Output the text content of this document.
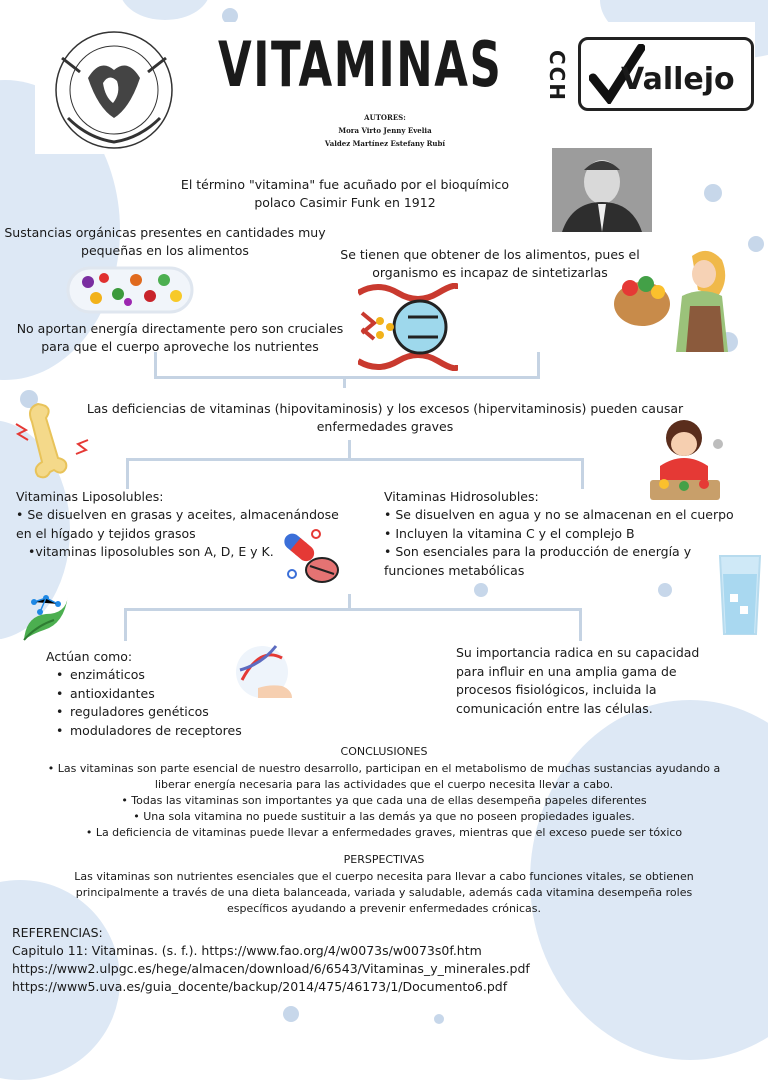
VITAMINAS
AUTORES:
Mora Virto Jenny Evelia
Valdez Martínez Estefany Rubí
CCH Vallejo
El término "vitamina" fue acuñado por el bioquímico polaco Casimir Funk en 1912
Sustancias orgánicas presentes en cantidades muy pequeñas en los alimentos	Se tienen que obtener de los alimentos, pues el organismo es incapaz de sintetizarlas
No aportan energía directamente pero son cruciales para que el cuerpo aproveche los nutrientes
Las deficiencias de vitaminas (hipovitaminosis) y los excesos (hipervitaminosis) pueden causar enfermedades graves
Vitaminas Liposolubles:
• Se disuelven en grasas y aceites, almacenándose en el hígado y tejidos grasos
•vitaminas liposolubles son A, D, E y K.
Vitaminas Hidrosolubles:
• Se disuelven en agua y no se almacenan en el cuerpo
• Incluyen la vitamina C y el complejo B
• Son esenciales para la producción de energía y funciones metabólicas
Actúan como:
• enzimáticos
• antioxidantes
• reguladores genéticos
• moduladores de receptores
Su importancia radica en su capacidad para influir en una amplia gama de procesos fisiológicos, incluida la comunicación entre las células.
CONCLUSIONES
• Las vitaminas son parte esencial de nuestro desarrollo, participan en el metabolismo de muchas sustancias ayudando a
liberar energía necesaria para las actividades que el cuerpo necesita llevar a cabo.
• Todas las vitaminas son importantes ya que cada una de ellas desempeña papeles diferentes
• Una sola vitamina no puede sustituir a las demás ya que no poseen propiedades iguales.
• La deficiencia de vitaminas puede llevar a enfermedades graves, mientras que el exceso puede ser tóxico
PERSPECTIVAS
Las vitaminas son nutrientes esenciales que el cuerpo necesita para llevar a cabo funciones vitales, se obtienen
principalmente a través de una dieta balanceada, variada y saludable, además cada vitamina desempeña roles
específicos ayudando a prevenir enfermedades crónicas.
REFERENCIAS:
Capitulo 11: Vitaminas. (s. f.). https://www.fao.org/4/w0073s/w0073s0f.htm
https://www2.ulpgc.es/hege/almacen/download/6/6543/Vitaminas_y_minerales.pdf
https://www5.uva.es/guia_docente/backup/2014/475/46173/1/Documento6.pdf
